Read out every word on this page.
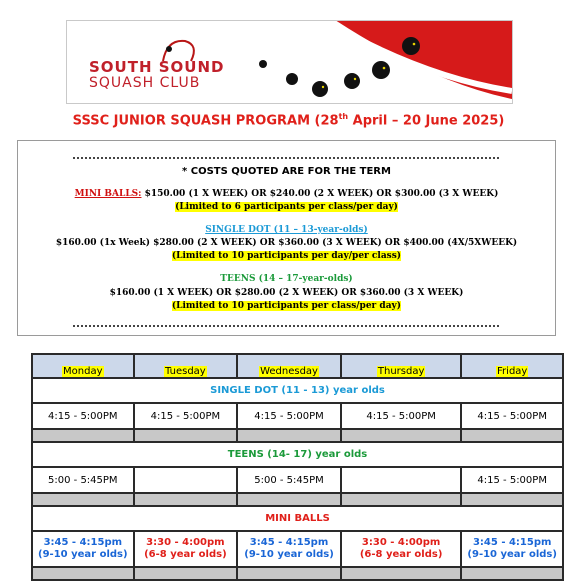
SOUTH SOUND
SQUASH CLUB
SSSC JUNIOR SQUASH PROGRAM (28th April – 20 June 2025)
* COSTS QUOTED ARE FOR THE TERM
MINI BALLS: $150.00 (1 X WEEK) OR $240.00 (2 X WEEK) OR $300.00 (3 X WEEK)
(Limited to 6 participants per class/per day)
SINGLE DOT (11 – 13-year-olds)
$160.00 (1x Week) $280.00 (2 X WEEK) OR $360.00 (3 X WEEK) OR $400.00 (4X/5XWEEK)
(Limited to 10 participants per day/per class)
TEENS (14 – 17-year-olds)
$160.00 (1 X WEEK) OR $280.00 (2 X WEEK) OR $360.00 (3 X WEEK)
(Limited to 10 participants per class/per day)
Monday	Tuesday	Wednesday	Thursday	Friday
SINGLE DOT (11 - 13) year olds				
4:15 - 5:00PM	4:15 - 5:00PM	4:15 - 5:00PM	4:15 - 5:00PM	4:15 - 5:00PM

TEENS (14- 17) year olds				
5:00 - 5:45PM		5:00 - 5:45PM		4:15 - 5:00PM

MINI BALLS				
3:45 - 4:15pm
(9-10 year olds)	3:30 - 4:00pm
(6-8 year olds)	3:45 - 4:15pm
(9-10 year olds)	3:30 - 4:00pm
(6-8 year olds)	3:45 - 4:15pm
(9-10 year olds)
